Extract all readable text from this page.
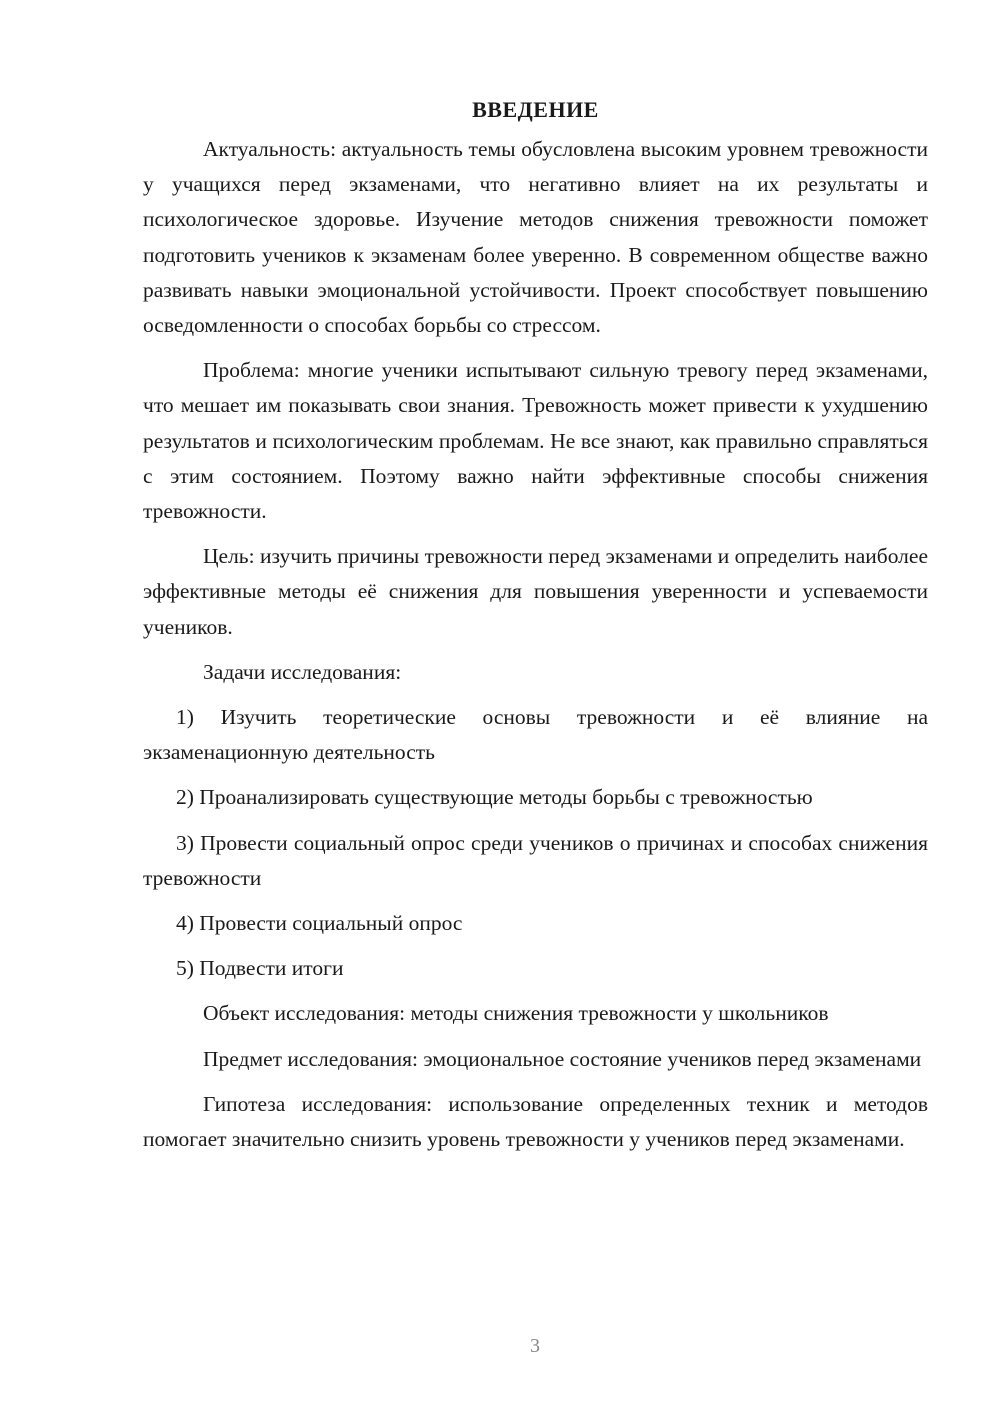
ВВЕДЕНИЕ

Актуальность: актуальность темы обусловлена высоким уровнем тревожности у учащихся перед экзаменами, что негативно влияет на их результаты и психологическое здоровье. Изучение методов снижения тревожности поможет подготовить учеников к экзаменам более уверенно. В современном обществе важно развивать навыки эмоциональной устойчивости. Проект способствует повышению осведомленности о способах борьбы со стрессом.

Проблема: многие ученики испытывают сильную тревогу перед экзаменами, что мешает им показывать свои знания. Тревожность может привести к ухудшению результатов и психологическим проблемам. Не все знают, как правильно справляться с этим состоянием. Поэтому важно найти эффективные способы снижения тревожности.

Цель: изучить причины тревожности перед экзаменами и определить наиболее эффективные методы её снижения для повышения уверенности и успеваемости учеников.

Задачи исследования:

1) Изучить теоретические основы тревожности и её влияние на экзаменационную деятельность

2) Проанализировать существующие методы борьбы с тревожностью

3) Провести социальный опрос среди учеников о причинах и способах снижения тревожности

4) Провести социальный опрос

5) Подвести итоги

Объект исследования: методы снижения тревожности у школьников

Предмет исследования: эмоциональное состояние учеников перед экзаменами

Гипотеза исследования: использование определенных техник и методов помогает значительно снизить уровень тревожности у учеников перед экзаменами.

3
